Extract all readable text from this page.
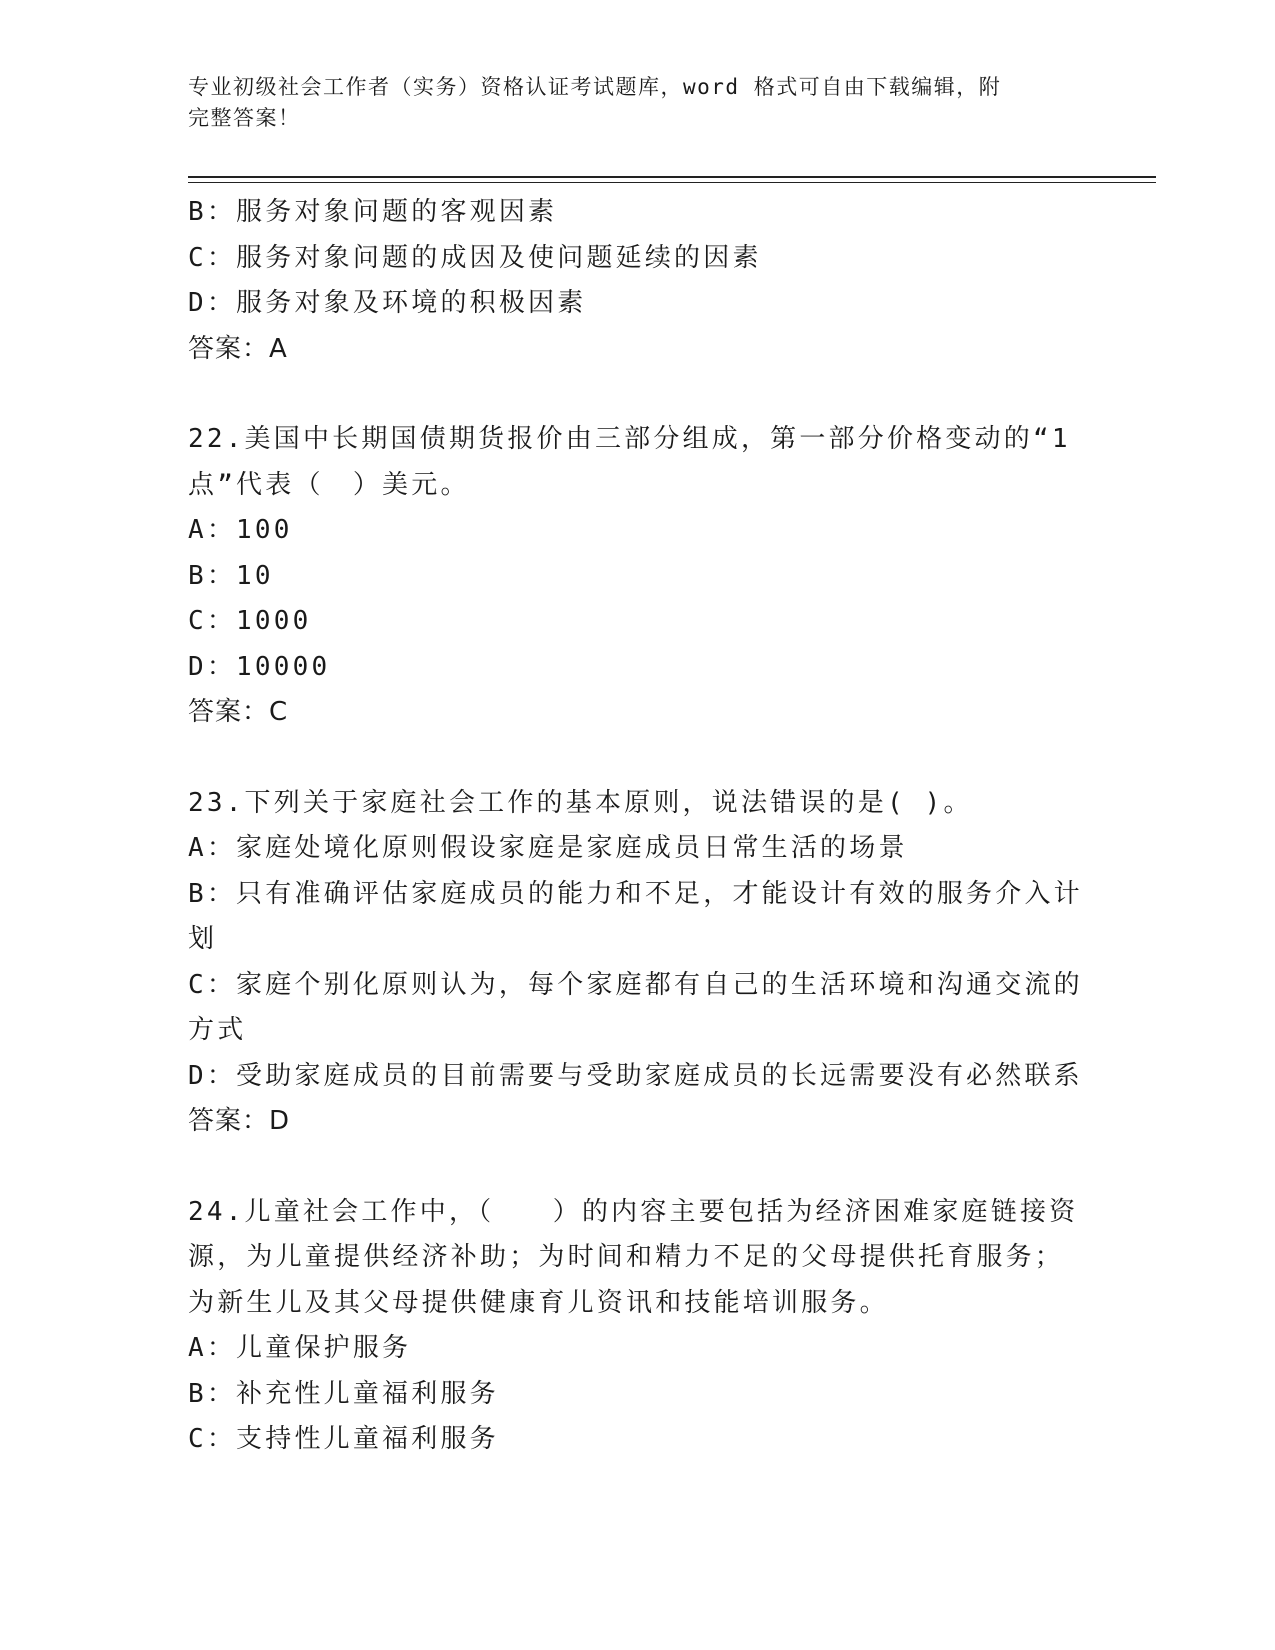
专业初级社会工作者（实务）资格认证考试题库，word 格式可自由下载编辑，附
完整答案！
B：服务对象问题的客观因素
C：服务对象问题的成因及使问题延续的因素
D：服务对象及环境的积极因素
答案：A
22.美国中长期国债期货报价由三部分组成，第一部分价格变动的“1
点”代表（　）美元。
A：100
B：10
C：1000
D：10000
答案：C
23.下列关于家庭社会工作的基本原则，说法错误的是( )。
A：家庭处境化原则假设家庭是家庭成员日常生活的场景
B：只有准确评估家庭成员的能力和不足，才能设计有效的服务介入计
划
C：家庭个别化原则认为，每个家庭都有自己的生活环境和沟通交流的
方式
D：受助家庭成员的目前需要与受助家庭成员的长远需要没有必然联系
答案：D
24.儿童社会工作中，（　　）的内容主要包括为经济困难家庭链接资
源，为儿童提供经济补助；为时间和精力不足的父母提供托育服务；
为新生儿及其父母提供健康育儿资讯和技能培训服务。
A：儿童保护服务
B：补充性儿童福利服务
C：支持性儿童福利服务
